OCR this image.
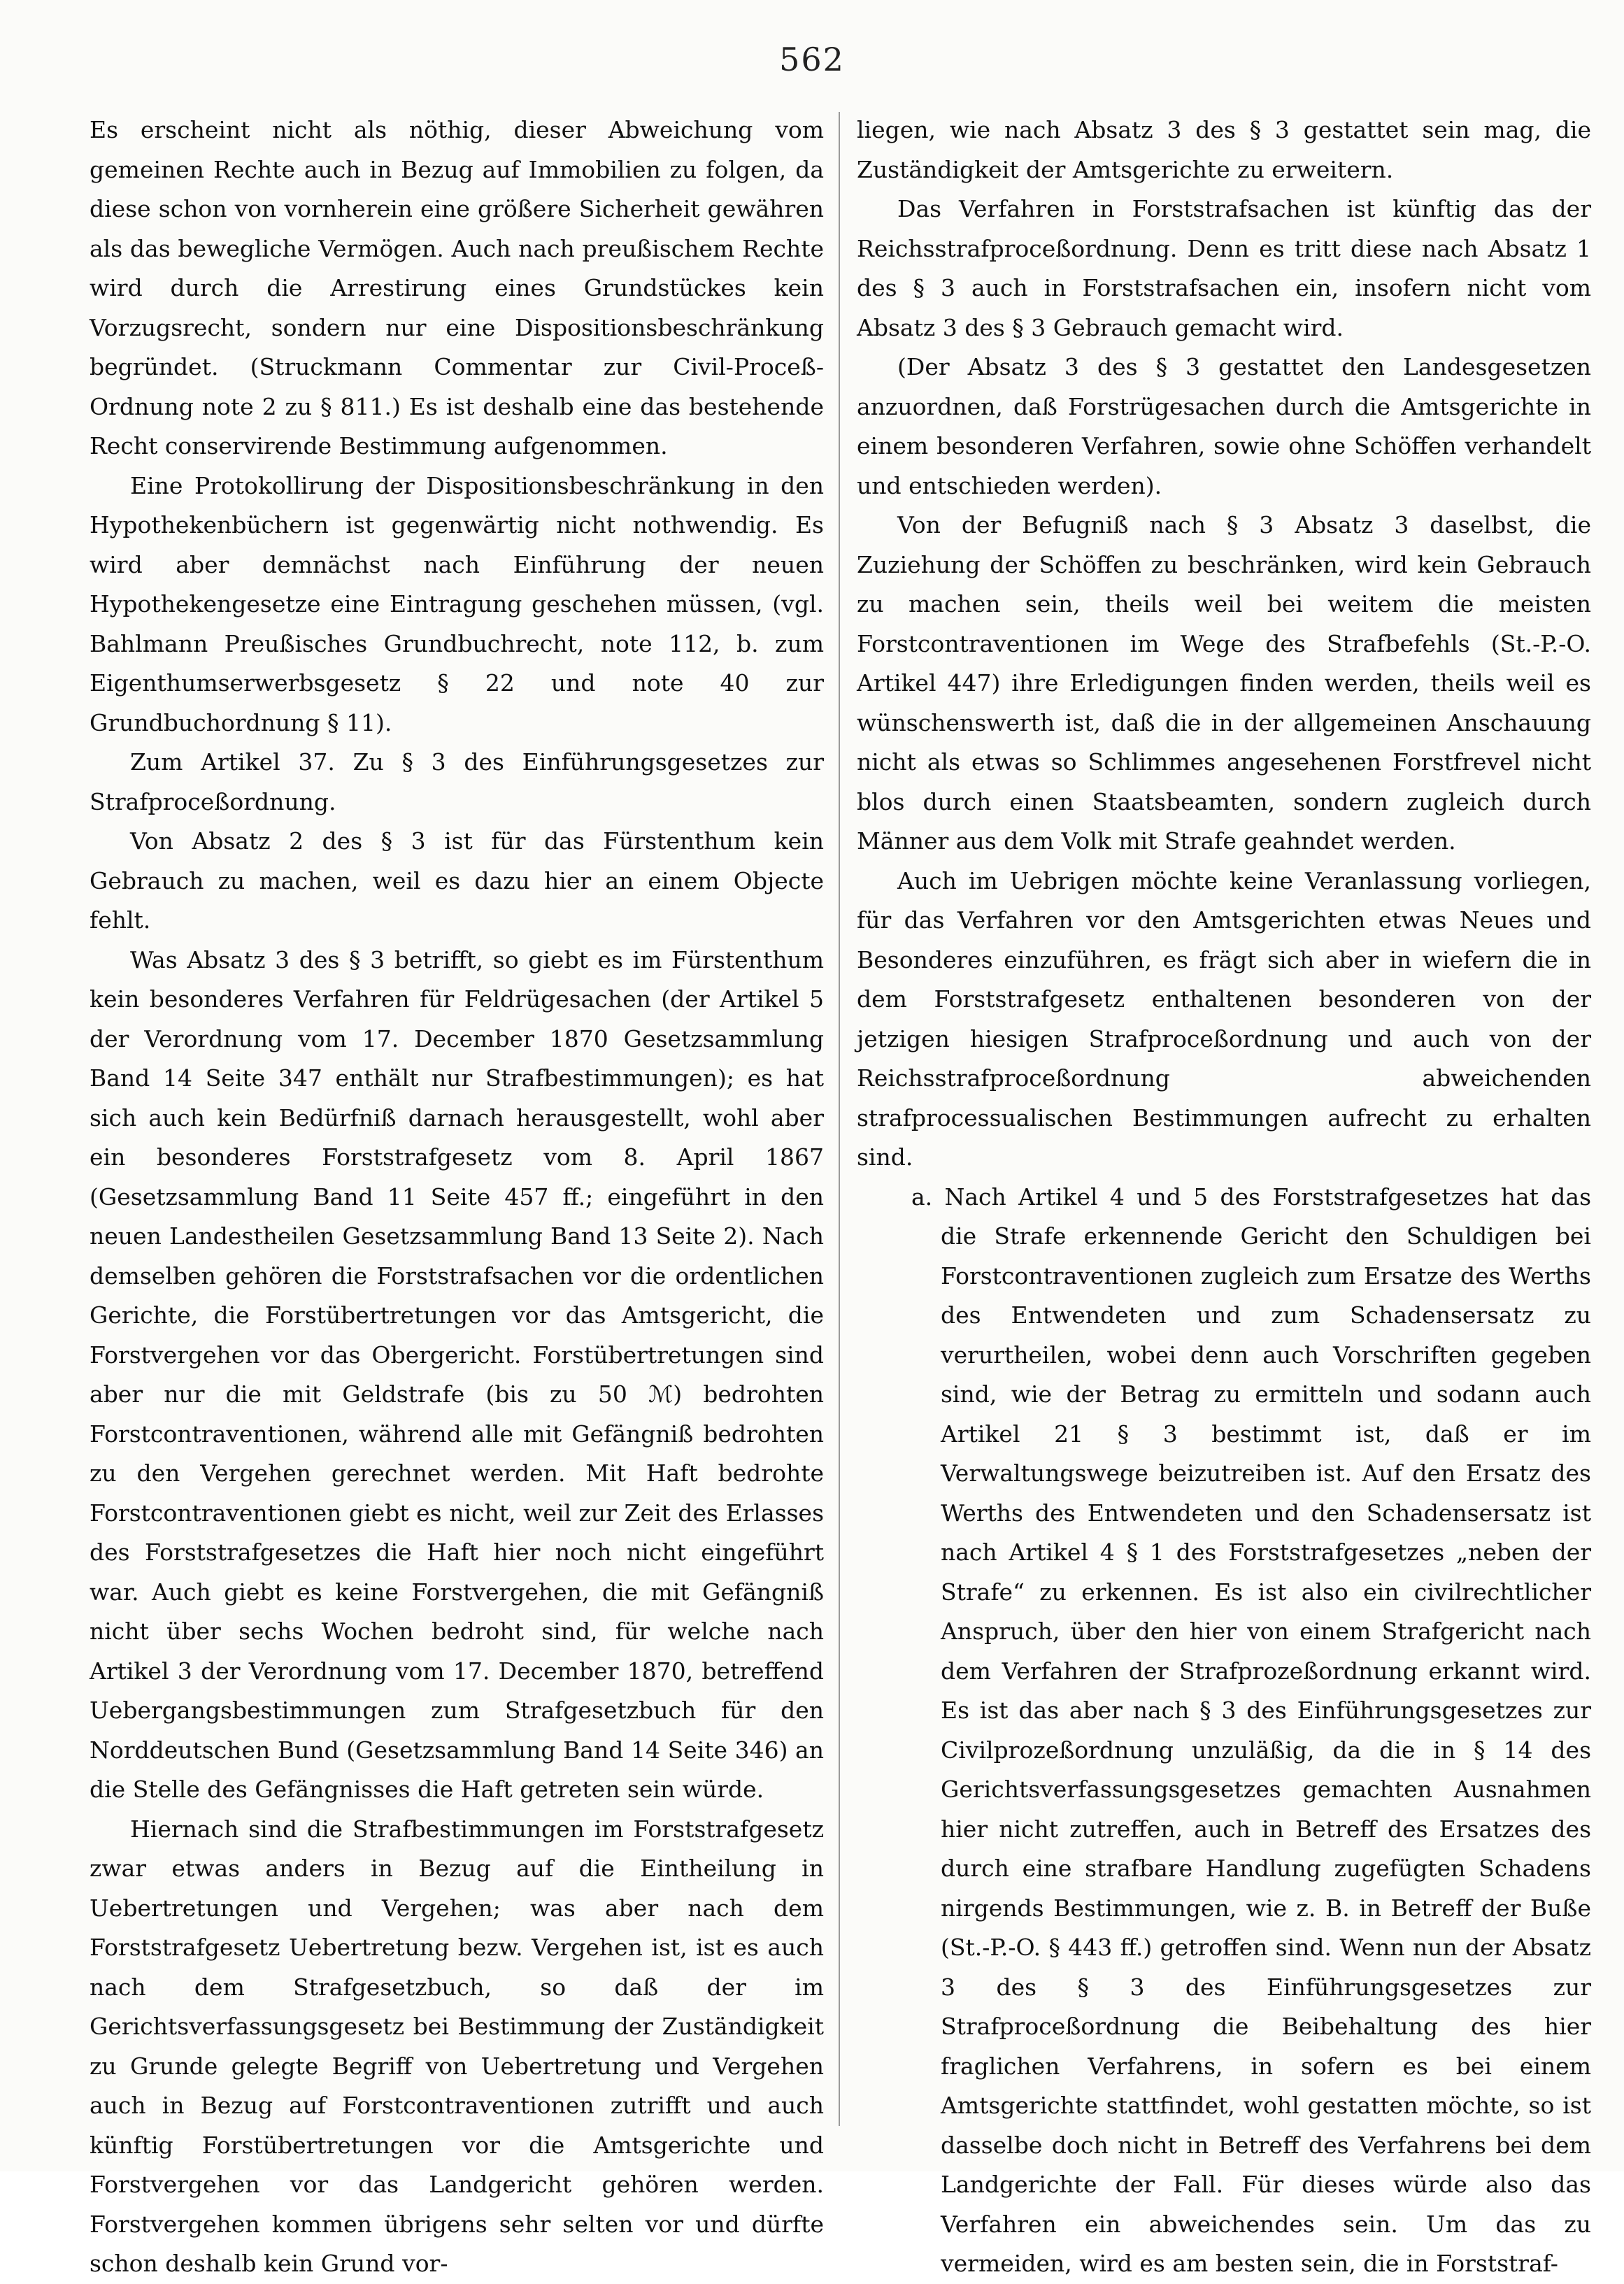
562

Es erscheint nicht als nöthig, dieser Abweichung vom gemeinen Rechte auch in Bezug auf Immobilien zu folgen, da diese schon von vornherein eine größere Sicherheit gewähren als das bewegliche Vermögen. Auch nach preußischem Rechte wird durch die Arrestirung eines Grundstückes kein Vorzugsrecht, sondern nur eine Dispositionsbeschränkung begründet. (Struckmann Commentar zur Civil-Proceß-Ordnung note 2 zu § 811.) Es ist deshalb eine das bestehende Recht conservirende Bestimmung aufgenommen.

Eine Protokollirung der Dispositionsbeschränkung in den Hypothekenbüchern ist gegenwärtig nicht nothwendig. Es wird aber demnächst nach Einführung der neuen Hypothekengesetze eine Eintragung geschehen müssen, (vgl. Bahlmann Preußisches Grundbuchrecht, note 112, b. zum Eigenthumserwerbsgesetz § 22 und note 40 zur Grundbuchordnung § 11).

Zum Artikel 37. Zu § 3 des Einführungsgesetzes zur Strafproceßordnung.

Von Absatz 2 des § 3 ist für das Fürstenthum kein Gebrauch zu machen, weil es dazu hier an einem Objecte fehlt.

Was Absatz 3 des § 3 betrifft, so giebt es im Fürstenthum kein besonderes Verfahren für Feldrügesachen (der Artikel 5 der Verordnung vom 17. December 1870 Gesetzsammlung Band 14 Seite 347 enthält nur Strafbestimmungen); es hat sich auch kein Bedürfniß darnach herausgestellt, wohl aber ein besonderes Forststrafgesetz vom 8. April 1867 (Gesetzsammlung Band 11 Seite 457 ff.; eingeführt in den neuen Landestheilen Gesetzsammlung Band 13 Seite 2). Nach demselben gehören die Forststrafsachen vor die ordentlichen Gerichte, die Forstübertretungen vor das Amtsgericht, die Forstvergehen vor das Obergericht. Forstübertretungen sind aber nur die mit Geldstrafe (bis zu 50 ℳ) bedrohten Forstcontraventionen, während alle mit Gefängniß bedrohten zu den Vergehen gerechnet werden. Mit Haft bedrohte Forstcontraventionen giebt es nicht, weil zur Zeit des Erlasses des Forststrafgesetzes die Haft hier noch nicht eingeführt war. Auch giebt es keine Forstvergehen, die mit Gefängniß nicht über sechs Wochen bedroht sind, für welche nach Artikel 3 der Verordnung vom 17. December 1870, betreffend Uebergangsbestimmungen zum Strafgesetzbuch für den Norddeutschen Bund (Gesetzsammlung Band 14 Seite 346) an die Stelle des Gefängnisses die Haft getreten sein würde.

Hiernach sind die Strafbestimmungen im Forststrafgesetz zwar etwas anders in Bezug auf die Eintheilung in Uebertretungen und Vergehen; was aber nach dem Forststrafgesetz Uebertretung bezw. Vergehen ist, ist es auch nach dem Strafgesetzbuch, so daß der im Gerichtsverfassungsgesetz bei Bestimmung der Zuständigkeit zu Grunde gelegte Begriff von Uebertretung und Vergehen auch in Bezug auf Forstcontraventionen zutrifft und auch künftig Forstübertretungen vor die Amtsgerichte und Forstvergehen vor das Landgericht gehören werden. Forstvergehen kommen übrigens sehr selten vor und dürfte schon deshalb kein Grund vor-

liegen, wie nach Absatz 3 des § 3 gestattet sein mag, die Zuständigkeit der Amtsgerichte zu erweitern.

Das Verfahren in Forststrafsachen ist künftig das der Reichsstrafproceßordnung. Denn es tritt diese nach Absatz 1 des § 3 auch in Forststrafsachen ein, insofern nicht vom Absatz 3 des § 3 Gebrauch gemacht wird.

(Der Absatz 3 des § 3 gestattet den Landesgesetzen anzuordnen, daß Forstrügesachen durch die Amtsgerichte in einem besonderen Verfahren, sowie ohne Schöffen verhandelt und entschieden werden).

Von der Befugniß nach § 3 Absatz 3 daselbst, die Zuziehung der Schöffen zu beschränken, wird kein Gebrauch zu machen sein, theils weil bei weitem die meisten Forstcontraventionen im Wege des Strafbefehls (St.-P.-O. Artikel 447) ihre Erledigungen finden werden, theils weil es wünschenswerth ist, daß die in der allgemeinen Anschauung nicht als etwas so Schlimmes angesehenen Forstfrevel nicht blos durch einen Staatsbeamten, sondern zugleich durch Männer aus dem Volk mit Strafe geahndet werden.

Auch im Uebrigen möchte keine Veranlassung vorliegen, für das Verfahren vor den Amtsgerichten etwas Neues und Besonderes einzuführen, es frägt sich aber in wiefern die in dem Forststrafgesetz enthaltenen besonderen von der jetzigen hiesigen Strafproceßordnung und auch von der Reichsstrafproceßordnung abweichenden strafprocessualischen Bestimmungen aufrecht zu erhalten sind.

a. Nach Artikel 4 und 5 des Forststrafgesetzes hat das die Strafe erkennende Gericht den Schuldigen bei Forstcontraventionen zugleich zum Ersatze des Werths des Entwendeten und zum Schadensersatz zu verurtheilen, wobei denn auch Vorschriften gegeben sind, wie der Betrag zu ermitteln und sodann auch Artikel 21 § 3 bestimmt ist, daß er im Verwaltungswege beizutreiben ist. Auf den Ersatz des Werths des Entwendeten und den Schadensersatz ist nach Artikel 4 § 1 des Forststrafgesetzes „neben der Strafe“ zu erkennen. Es ist also ein civilrechtlicher Anspruch, über den hier von einem Strafgericht nach dem Verfahren der Strafprozeßordnung erkannt wird. Es ist das aber nach § 3 des Einführungsgesetzes zur Civilprozeßordnung unzuläßig, da die in § 14 des Gerichtsverfassungsgesetzes gemachten Ausnahmen hier nicht zutreffen, auch in Betreff des Ersatzes des durch eine strafbare Handlung zugefügten Schadens nirgends Bestimmungen, wie z. B. in Betreff der Buße (St.-P.-O. § 443 ff.) getroffen sind. Wenn nun der Absatz 3 des § 3 des Einführungsgesetzes zur Strafproceßordnung die Beibehaltung des hier fraglichen Verfahrens, in sofern es bei einem Amtsgerichte stattfindet, wohl gestatten möchte, so ist dasselbe doch nicht in Betreff des Verfahrens bei dem Landgerichte der Fall. Für dieses würde also das Verfahren ein abweichendes sein. Um das zu vermeiden, wird es am besten sein, die in Forststraf-
